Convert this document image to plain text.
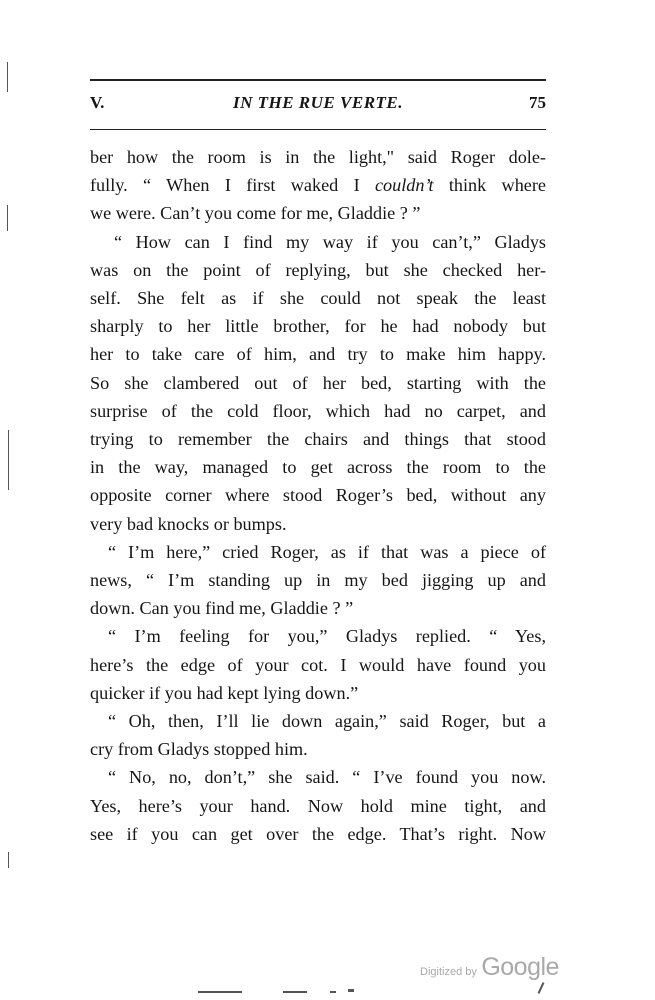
V.	IN THE RUE VERTE.	75
ber how the room is in the light," said Roger dole-
fully. “ When I first waked I couldn’t think where
we were. Can’t you come for me, Gladdie ? ”
“ How can I find my way if you can’t,” Gladys
was on the point of replying, but she checked her-
self. She felt as if she could not speak the least
sharply to her little brother, for he had nobody but
her to take care of him, and try to make him happy.
So she clambered out of her bed, starting with the
surprise of the cold floor, which had no carpet, and
trying to remember the chairs and things that stood
in the way, managed to get across the room to the
opposite corner where stood Roger’s bed, without any
very bad knocks or bumps.
“ I’m here,” cried Roger, as if that was a piece of
news, “ I’m standing up in my bed jigging up and
down. Can you find me, Gladdie ? ”
“ I’m feeling for you,” Gladys replied. “ Yes,
here’s the edge of your cot. I would have found you
quicker if you had kept lying down.”
“ Oh, then, I’ll lie down again,” said Roger, but a
cry from Gladys stopped him.
“ No, no, don’t,” she said. “ I’ve found you now.
Yes, here’s your hand. Now hold mine tight, and
see if you can get over the edge. That’s right. Now
Digitized by Google
